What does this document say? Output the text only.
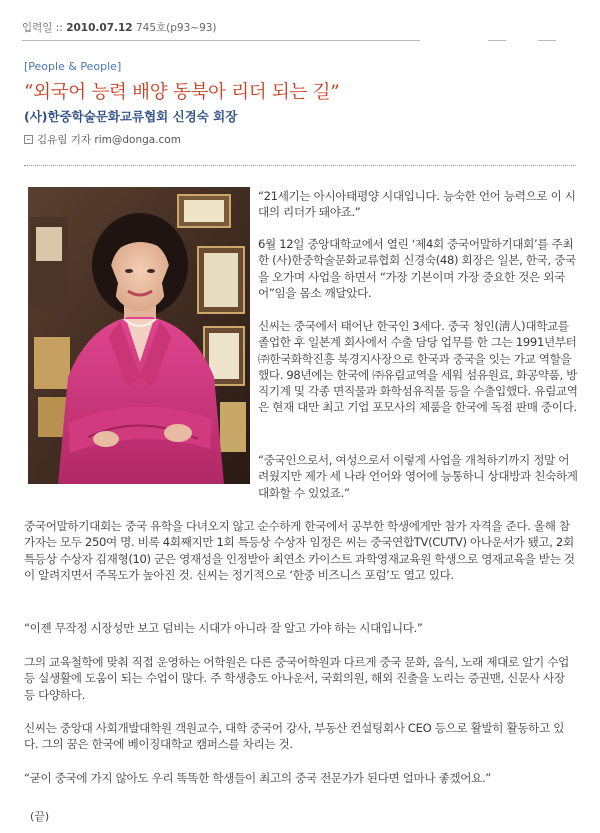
입력일 :: 2010.07.12 745호(p93~93)
[People & People]
“외국어 능력 배양 동북아 리더 되는 길”
(사)한중학술문화교류협회 신경숙 회장
김유림 기자 rim@donga.com
“21세기는 아시아태평양 시대입니다. 능숙한 언어 능력으로 이 시대의 리더가 돼야죠.”
6월 12일 중앙대학교에서 열린 ‘제4회 중국어말하기대회’를 주최한 (사)한중학술문화교류협회 신경숙(48) 회장은 일본, 한국, 중국을 오가며 사업을 하면서 “가장 기본이며 가장 중요한 것은 외국어”임을 몸소 깨달았다.
신씨는 중국에서 태어난 한국인 3세다. 중국 청인(淸人)대학교를 졸업한 후 일본계 회사에서 수출 담당 업무를 한 그는 1991년부터 ㈜한국화학진흥 북경지사장으로 한국과 중국을 잇는 가교 역할을 했다. 98년에는 한국에 ㈜유림교역을 세워 섬유원료, 화공약품, 방직기계 및 각종 면직물과 화학섬유직물 등을 수출입했다. 유림교역은 현재 대만 최고 기업 포모사의 제품을 한국에 독점 판매 중이다.
“중국인으로서, 여성으로서 이렇게 사업을 개척하기까지 정말 어려웠지만 제가 세 나라 언어와 영어에 능통하니 상대방과 친숙하게 대화할 수 있었죠.”
중국어말하기대회는 중국 유학을 다녀오지 않고 순수하게 한국에서 공부한 학생에게만 참가 자격을 준다. 올해 참가자는 모두 250여 명. 비록 4회째지만 1회 특등상 수상자 임정은 씨는 중국연합TV(CUTV) 아나운서가 됐고, 2회 특등상 수상자 김재형(10) 군은 영재성을 인정받아 최연소 카이스트 과학영재교육원 학생으로 영재교육을 받는 것이 알려지면서 주목도가 높아진 것. 신씨는 정기적으로 ‘한중 비즈니스 포럼’도 열고 있다.
“이젠 무작정 시장성만 보고 덤비는 시대가 아니라 잘 알고 가야 하는 시대입니다.”
그의 교육철학에 맞춰 직접 운영하는 어학원은 다른 중국어학원과 다르게 중국 문화, 음식, 노래 제대로 알기 수업 등 실생활에 도움이 되는 수업이 많다. 주 학생층도 아나운서, 국회의원, 해외 진출을 노리는 증권맨, 신문사 사장 등 다양하다.
신씨는 중앙대 사회개발대학원 객원교수, 대학 중국어 강사, 부동산 컨설팅회사 CEO 등으로 활발히 활동하고 있다. 그의 꿈은 한국에 베이징대학교 캠퍼스를 차리는 것.
“굳이 중국에 가지 않아도 우리 똑똑한 학생들이 최고의 중국 전문가가 된다면 얼마나 좋겠어요.”
(끝)
